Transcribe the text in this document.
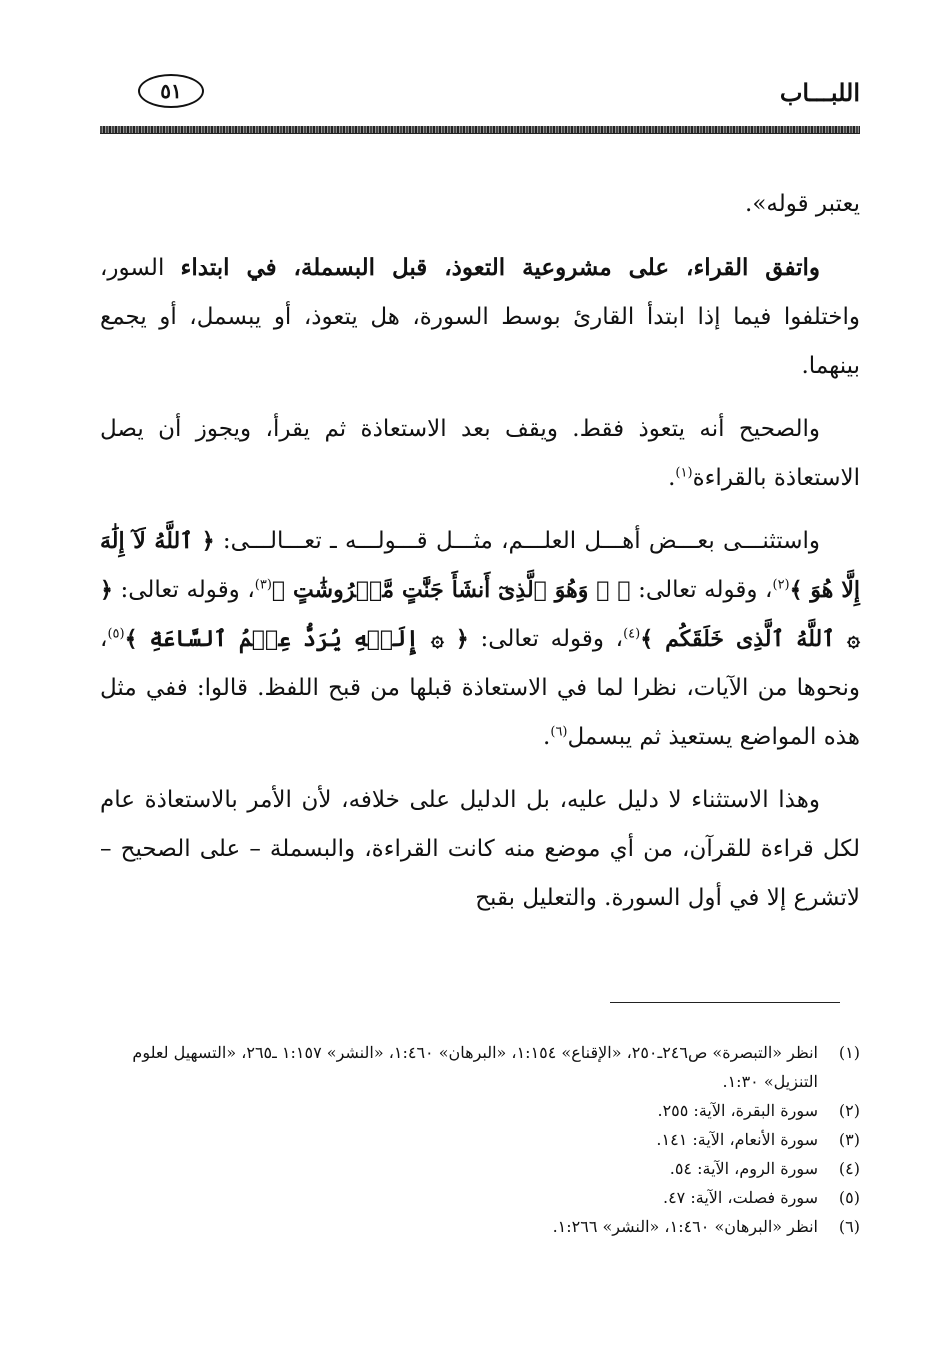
٥١	اللبـــاب

يعتبر قوله».

واتفق القراء، على مشروعية التعوذ، قبل البسملة، في ابتداء السور، واختلفوا فيما إذا ابتدأ القارئ بوسط السورة، هل يتعوذ، أو يبسمل، أو يجمع بينهما.

والصحيح أنه يتعوذ فقط. ويقف بعد الاستعاذة ثم يقرأ، ويجوز أن يصل الاستعاذة بالقراءة$^{(١)}$.

واستثنـــى بعـــض أهـــل العلـــم، مثـــل قـــولـــه ـ تعـــالـــى: ﴿ ٱللَّهُ لَآ إِلَٰهَ إِلَّا هُوَ ﴾$^{(٢)}$، وقوله تعالى: ﴿ ۞ وَهُوَ ٱلَّذِىٓ أَنشَأَ جَنَّٰتٍ مَّعۡرُوشَٰتٍ ﴾$^{(٣)}$، وقوله تعالى: ﴿ ۞ ٱللَّهُ ٱلَّذِى خَلَقَكُم ﴾$^{(٤)}$، وقوله تعالى: ﴿ ۞ إِلَيۡهِ يُرَدُّ عِلۡمُ ٱلسَّاعَةِ ﴾$^{(٥)}$، ونحوها من الآيات، نظرا لما في الاستعاذة قبلها من قبح اللفظ. قالوا: ففي مثل هذه المواضع يستعيذ ثم يبسمل$^{(٦)}$.

وهذا الاستثناء لا دليل عليه، بل الدليل على خلافه، لأن الأمر بالاستعاذة عام لكل قراءة للقرآن، من أي موضع منه كانت القراءة، والبسملة – على الصحيح – لاتشرع إلا في أول السورة. والتعليل بقبح

(١)
انظر «التبصرة» ص٢٤٦ـ٢٥٠، «الإقناع» ١:١٥٤، «البرهان» ١:٤٦٠، «النشر» ١:١٥٧ ـ٢٦٥، «التسهيل لعلوم التنزيل» ١:٣٠.
(٢)
سورة البقرة، الآية: ٢٥٥.
(٣)
سورة الأنعام، الآية: ١٤١.
(٤)
سورة الروم، الآية: ٥٤.
(٥)
سورة فصلت، الآية: ٤٧.
(٦)
انظر «البرهان» ١:٤٦٠، «النشر» ١:٢٦٦.
